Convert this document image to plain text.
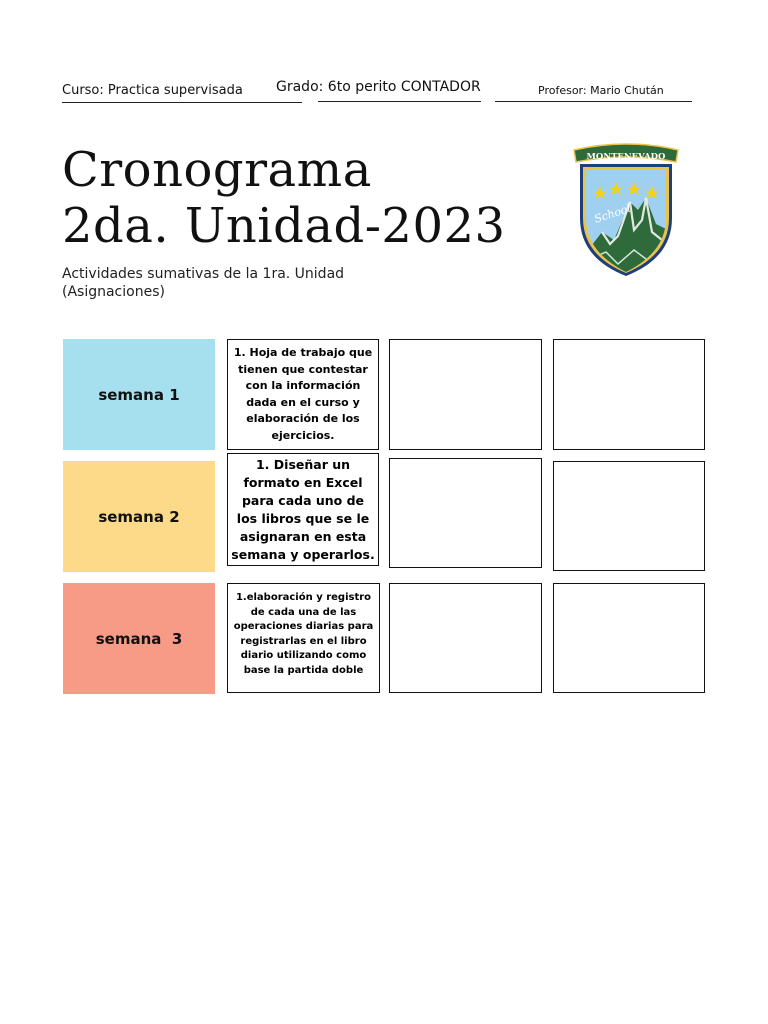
Curso: Practica supervisada Grado: 6to perito CONTADOR	Profesor: Mario Chután
Cronograma
2da. Unidad-2023
Actividades sumativas de la 1ra. Unidad
(Asignaciones)
School
MONTENEVADO
semana 1
1. Hoja de trabajo que tienen que contestar con la información dada en el curso y elaboración de los ejercicios.
semana 2
1. Diseñar un formato en Excel para cada uno de los libros que se le asignaran en esta semana y operarlos.
semana  3
1.elaboración y registro de cada una de las operaciones diarias para registrarlas en el libro diario utilizando como base la partida doble
